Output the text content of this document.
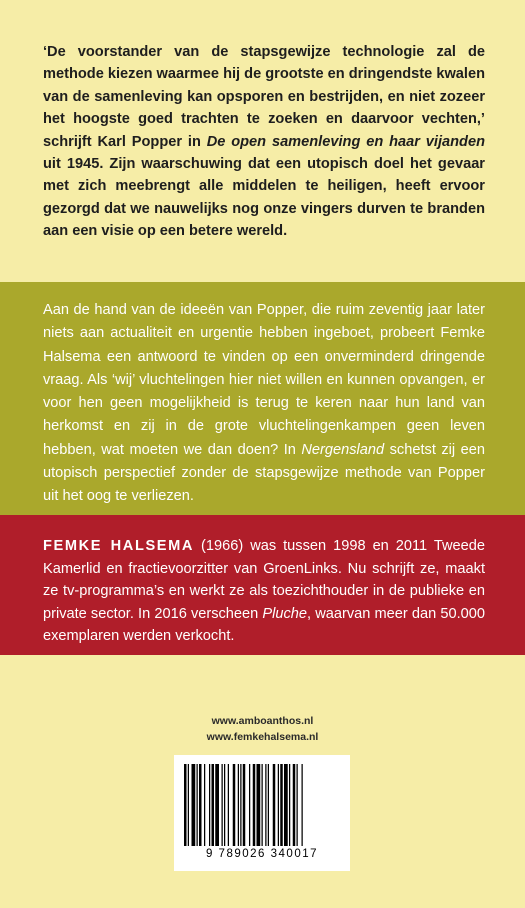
‘De voorstander van de stapsgewijze technologie zal de methode kiezen waarmee hij de grootste en dringendste kwalen van de samenleving kan opsporen en bestrijden, en niet zozeer het hoogste goed trachten te zoeken en daarvoor vechten,’ schrijft Karl Popper in De open samenleving en haar vijanden uit 1945. Zijn waarschuwing dat een utopisch doel het gevaar met zich meebrengt alle middelen te heiligen, heeft ervoor gezorgd dat we nauwelijks nog onze vingers durven te branden aan een visie op een betere wereld.
Aan de hand van de ideeën van Popper, die ruim zeventig jaar later niets aan actualiteit en urgentie hebben ingeboet, probeert Femke Halsema een antwoord te vinden op een onverminderd dringende vraag. Als ‘wij’ vluchtelingen hier niet willen en kunnen opvangen, er voor hen geen mogelijkheid is terug te keren naar hun land van herkomst en zij in de grote vluchtelingenkampen geen leven hebben, wat moeten we dan doen? In Nergensland schetst zij een utopisch perspectief zonder de stapsgewijze methode van Popper uit het oog te verliezen.
FEMKE HALSEMA (1966) was tussen 1998 en 2011 Tweede Kamerlid en fractievoorzitter van GroenLinks. Nu schrijft ze, maakt ze tv-programma’s en werkt ze als toezichthouder in de publieke en private sector. In 2016 verscheen Pluche, waarvan meer dan 50.000 exemplaren werden verkocht.
www.amboanthos.nl
www.femkehalsema.nl
9 789026 340017
